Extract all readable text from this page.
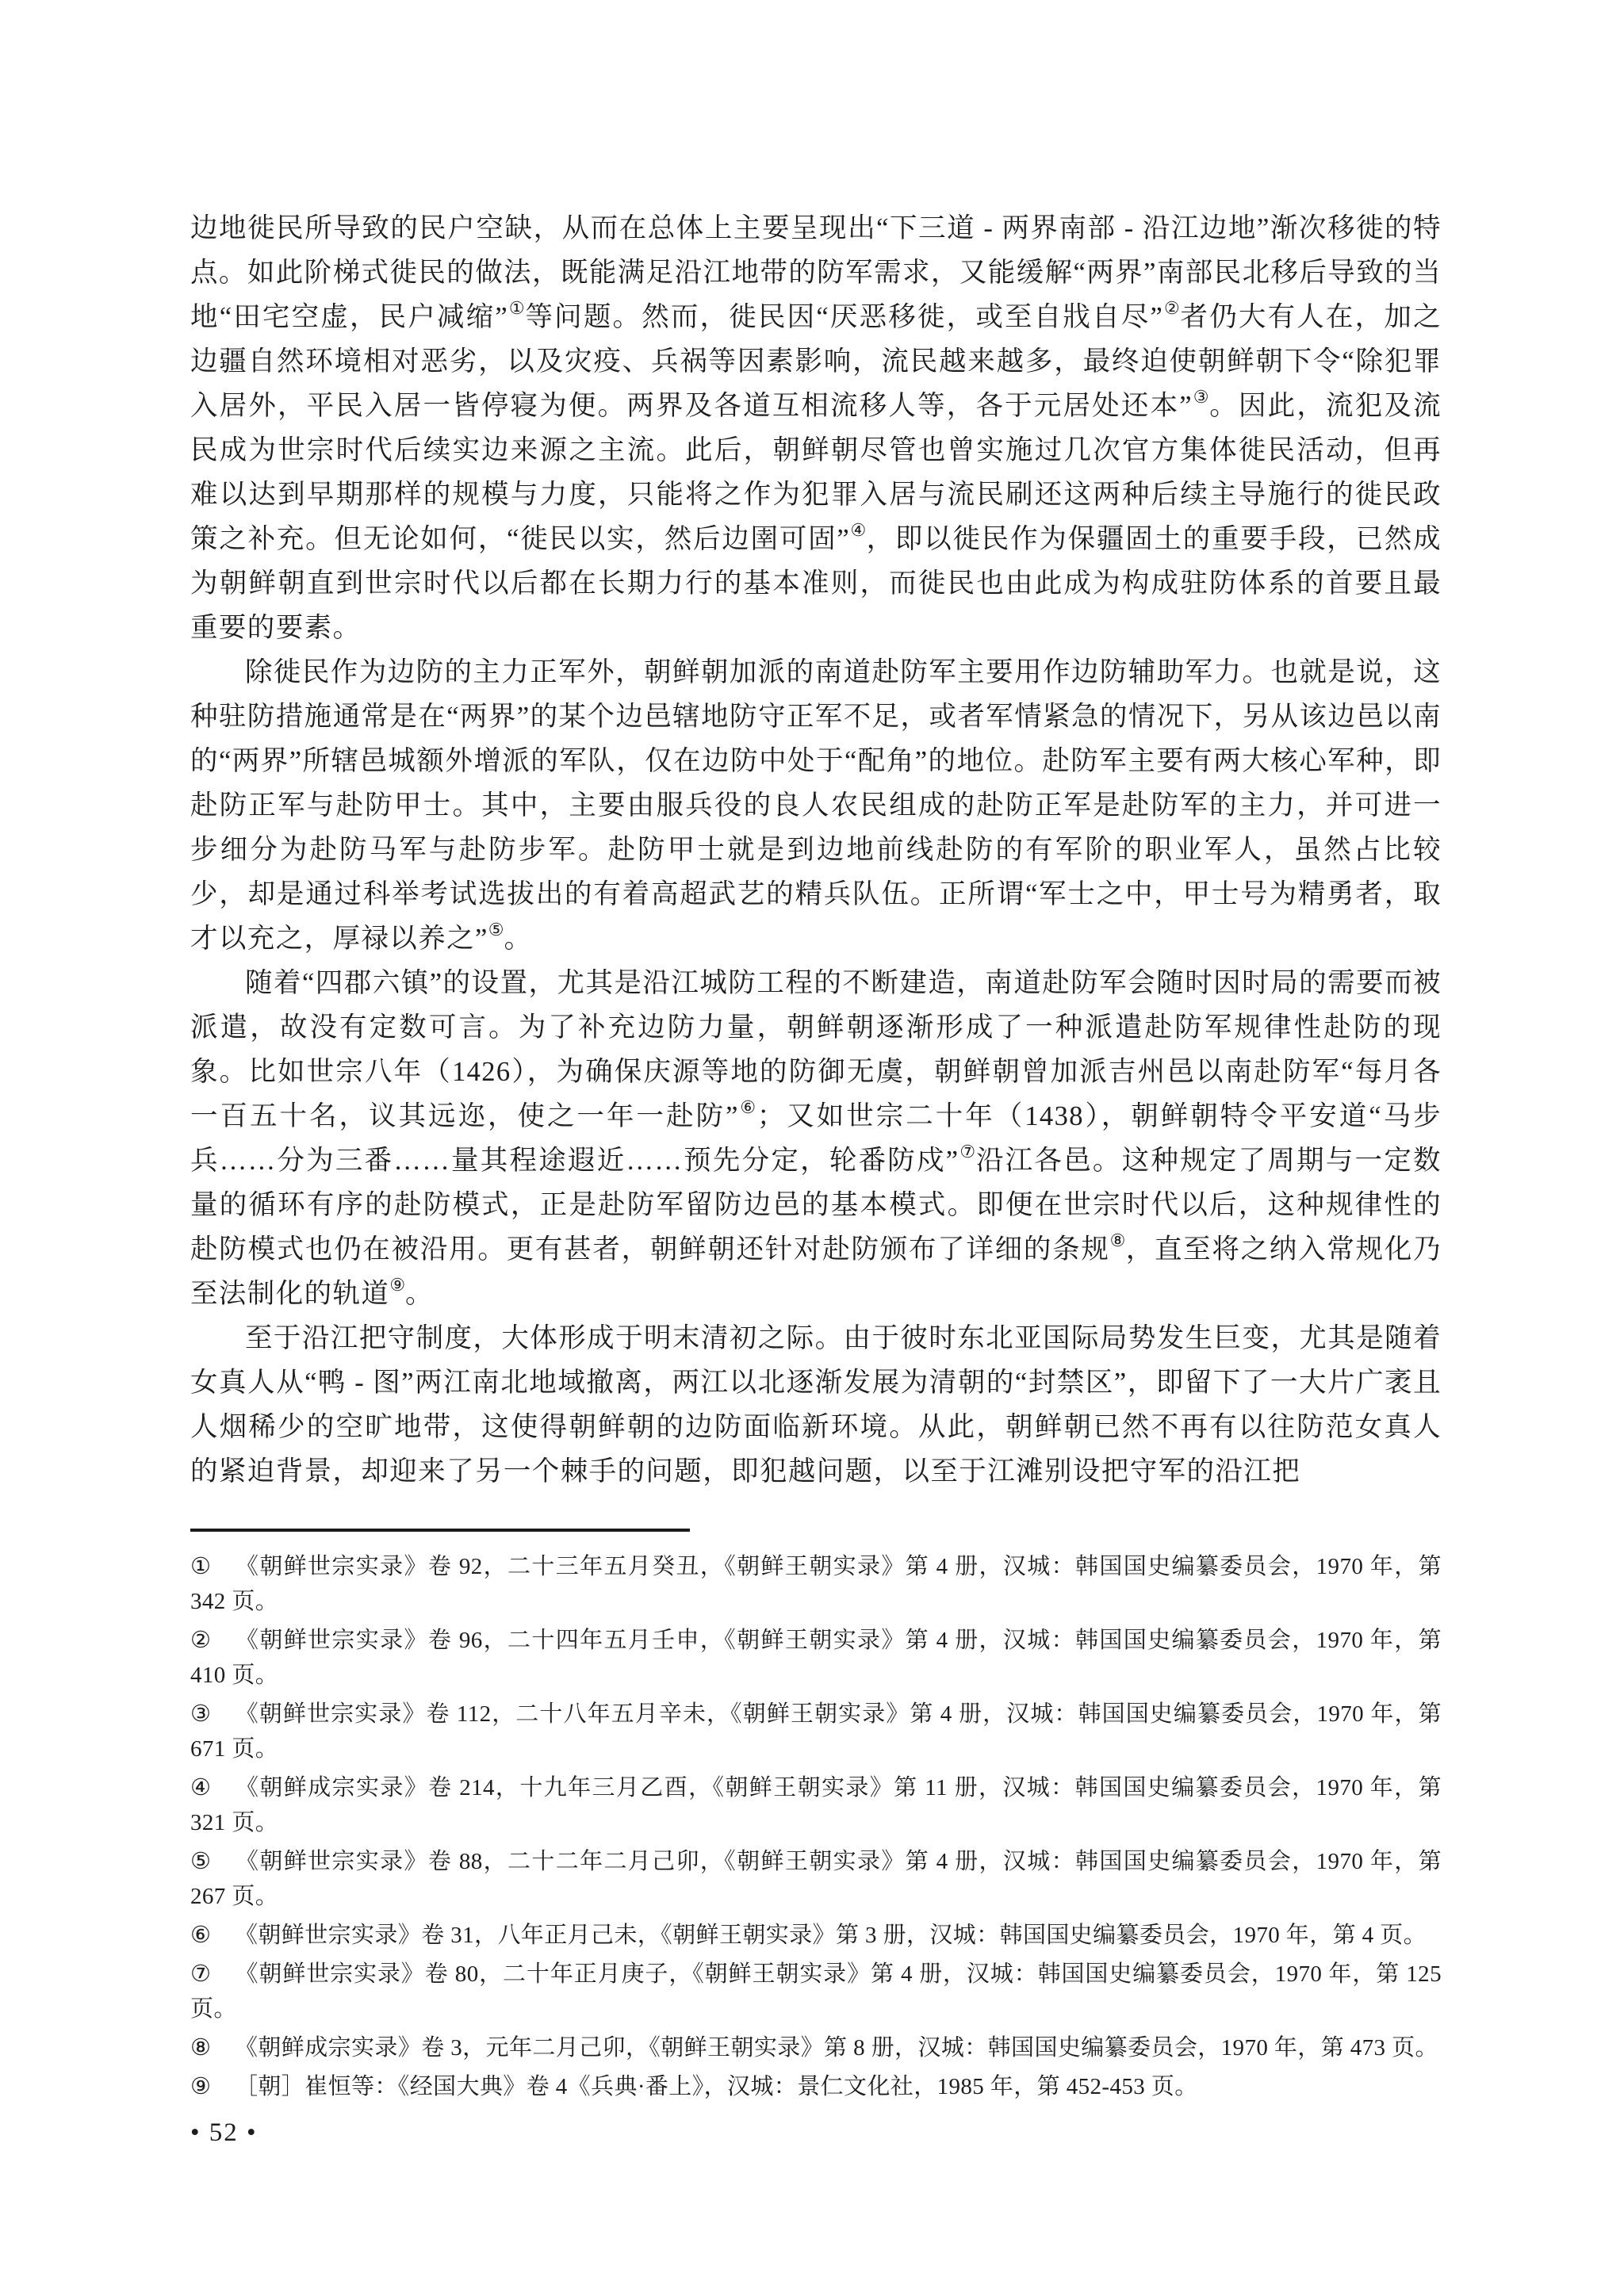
边地徙民所导致的民户空缺，从而在总体上主要呈现出“下三道 - 两界南部 - 沿江边地”渐次移徙的特点。如此阶梯式徙民的做法，既能满足沿江地带的防军需求，又能缓解“两界”南部民北移后导致的当地“田宅空虚，民户减缩”①等问题。然而，徙民因“厌恶移徙，或至自戕自尽”②者仍大有人在，加之边疆自然环境相对恶劣，以及灾疫、兵祸等因素影响，流民越来越多，最终迫使朝鲜朝下令“除犯罪入居外，平民入居一皆停寝为便。两界及各道互相流移人等，各于元居处还本”③。因此，流犯及流民成为世宗时代后续实边来源之主流。此后，朝鲜朝尽管也曾实施过几次官方集体徙民活动，但再难以达到早期那样的规模与力度，只能将之作为犯罪入居与流民刷还这两种后续主导施行的徙民政策之补充。但无论如何，“徙民以实，然后边圉可固”④，即以徙民作为保疆固土的重要手段，已然成为朝鲜朝直到世宗时代以后都在长期力行的基本准则，而徙民也由此成为构成驻防体系的首要且最重要的要素。

除徙民作为边防的主力正军外，朝鲜朝加派的南道赴防军主要用作边防辅助军力。也就是说，这种驻防措施通常是在“两界”的某个边邑辖地防守正军不足，或者军情紧急的情况下，另从该边邑以南的“两界”所辖邑城额外增派的军队，仅在边防中处于“配角”的地位。赴防军主要有两大核心军种，即赴防正军与赴防甲士。其中，主要由服兵役的良人农民组成的赴防正军是赴防军的主力，并可进一步细分为赴防马军与赴防步军。赴防甲士就是到边地前线赴防的有军阶的职业军人，虽然占比较少，却是通过科举考试选拔出的有着高超武艺的精兵队伍。正所谓“军士之中，甲士号为精勇者，取才以充之，厚禄以养之”⑤。

随着“四郡六镇”的设置，尤其是沿江城防工程的不断建造，南道赴防军会随时因时局的需要而被派遣，故没有定数可言。为了补充边防力量，朝鲜朝逐渐形成了一种派遣赴防军规律性赴防的现象。比如世宗八年（1426），为确保庆源等地的防御无虞，朝鲜朝曾加派吉州邑以南赴防军“每月各一百五十名，议其远迩，使之一年一赴防”⑥；又如世宗二十年（1438），朝鲜朝特令平安道“马步兵……分为三番……量其程途遐近……预先分定，轮番防戍”⑦沿江各邑。这种规定了周期与一定数量的循环有序的赴防模式，正是赴防军留防边邑的基本模式。即便在世宗时代以后，这种规律性的赴防模式也仍在被沿用。更有甚者，朝鲜朝还针对赴防颁布了详细的条规⑧，直至将之纳入常规化乃至法制化的轨道⑨。

至于沿江把守制度，大体形成于明末清初之际。由于彼时东北亚国际局势发生巨变，尤其是随着女真人从“鸭 - 图”两江南北地域撤离，两江以北逐渐发展为清朝的“封禁区”，即留下了一大片广袤且人烟稀少的空旷地带，这使得朝鲜朝的边防面临新环境。从此，朝鲜朝已然不再有以往防范女真人的紧迫背景，却迎来了另一个棘手的问题，即犯越问题，以至于江滩别设把守军的沿江把

① 《朝鲜世宗实录》卷 92，二十三年五月癸丑，《朝鲜王朝实录》第 4 册，汉城：韩国国史编纂委员会，1970 年，第 342 页。

② 《朝鲜世宗实录》卷 96，二十四年五月壬申，《朝鲜王朝实录》第 4 册，汉城：韩国国史编纂委员会，1970 年，第 410 页。

③ 《朝鲜世宗实录》卷 112，二十八年五月辛未，《朝鲜王朝实录》第 4 册，汉城：韩国国史编纂委员会，1970 年，第 671 页。

④ 《朝鲜成宗实录》卷 214，十九年三月乙酉，《朝鲜王朝实录》第 11 册，汉城：韩国国史编纂委员会，1970 年，第 321 页。

⑤ 《朝鲜世宗实录》卷 88，二十二年二月己卯，《朝鲜王朝实录》第 4 册，汉城：韩国国史编纂委员会，1970 年，第 267 页。

⑥ 《朝鲜世宗实录》卷 31，八年正月己未，《朝鲜王朝实录》第 3 册，汉城：韩国国史编纂委员会，1970 年，第 4 页。

⑦ 《朝鲜世宗实录》卷 80，二十年正月庚子，《朝鲜王朝实录》第 4 册，汉城：韩国国史编纂委员会，1970 年，第 125 页。

⑧ 《朝鲜成宗实录》卷 3，元年二月己卯，《朝鲜王朝实录》第 8 册，汉城：韩国国史编纂委员会，1970 年，第 473 页。

⑨ ［朝］崔恒等：《经国大典》卷 4《兵典·番上》，汉城：景仁文化社，1985 年，第 452-453 页。

• 52 •
